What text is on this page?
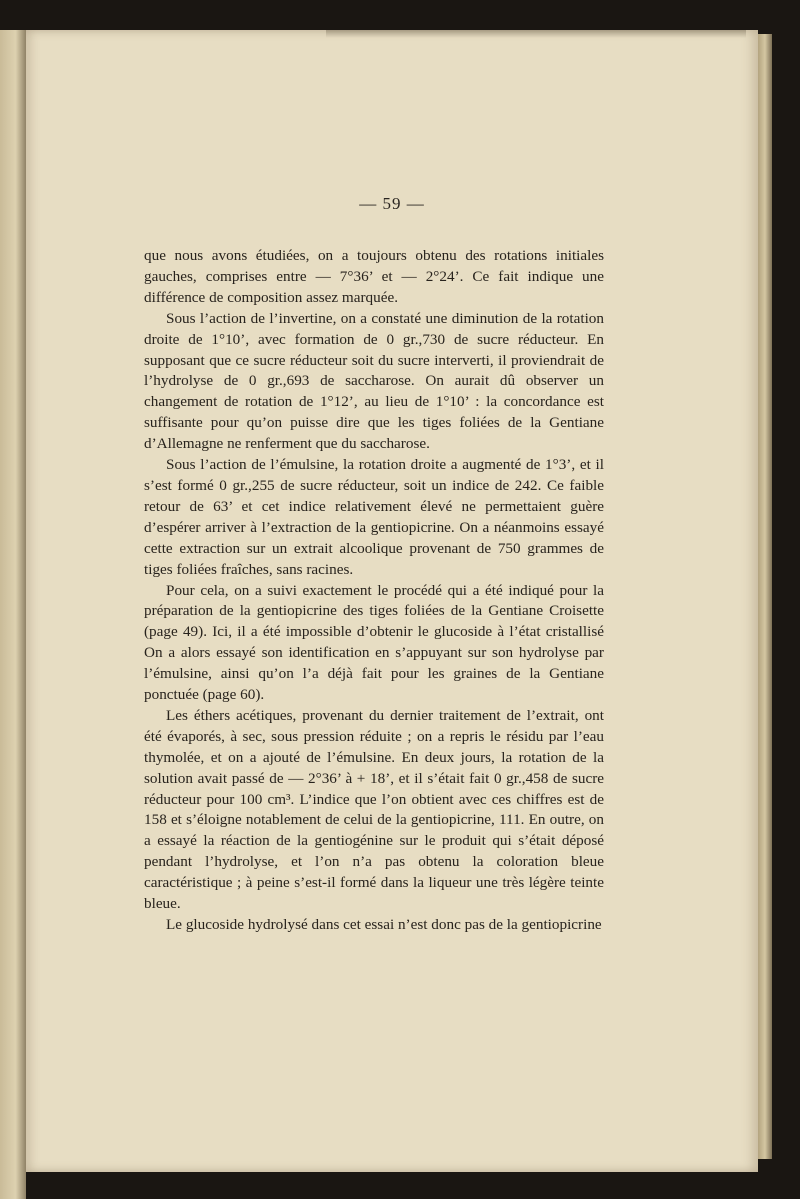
— 59 —

que nous avons étudiées, on a toujours obtenu des rotations initiales gauches, comprises entre — 7°36’ et — 2°24’. Ce fait indique une différence de composition assez marquée.

Sous l’action de l’invertine, on a constaté une diminution de la rotation droite de 1°10’, avec formation de 0 gr.,730 de sucre réducteur. En supposant que ce sucre réducteur soit du sucre interverti, il proviendrait de l’hydrolyse de 0 gr.,693 de saccharose. On aurait dû observer un changement de rotation de 1°12’, au lieu de 1°10’ : la concordance est suffisante pour qu’on puisse dire que les tiges foliées de la Gentiane d’Allemagne ne renferment que du saccharose.

Sous l’action de l’émulsine, la rotation droite a augmenté de 1°3’, et il s’est formé 0 gr.,255 de sucre réducteur, soit un indice de 242. Ce faible retour de 63’ et cet indice relativement élevé ne permettaient guère d’espérer arriver à l’extraction de la gentiopicrine. On a néanmoins essayé cette extraction sur un extrait alcoolique provenant de 750 grammes de tiges foliées fraîches, sans racines.

Pour cela, on a suivi exactement le procédé qui a été indiqué pour la préparation de la gentiopicrine des tiges foliées de la Gentiane Croisette (page 49). Ici, il a été impossible d’obtenir le glucoside à l’état cristallisé On a alors essayé son identification en s’appuyant sur son hydrolyse par l’émulsine, ainsi qu’on l’a déjà fait pour les graines de la Gentiane ponctuée (page 60).

Les éthers acétiques, provenant du dernier traitement de l’extrait, ont été évaporés, à sec, sous pression réduite ; on a repris le résidu par l’eau thymolée, et on a ajouté de l’émulsine. En deux jours, la rotation de la solution avait passé de — 2°36’ à + 18’, et il s’était fait 0 gr.,458 de sucre réducteur pour 100 cm³. L’indice que l’on obtient avec ces chiffres est de 158 et s’éloigne notablement de celui de la gentiopicrine, 111. En outre, on a essayé la réaction de la gentiogénine sur le produit qui s’était déposé pendant l’hydrolyse, et l’on n’a pas obtenu la coloration bleue caractéristique ; à peine s’est-il formé dans la liqueur une très légère teinte bleue.

Le glucoside hydrolysé dans cet essai n’est donc pas de la gentiopicrine
